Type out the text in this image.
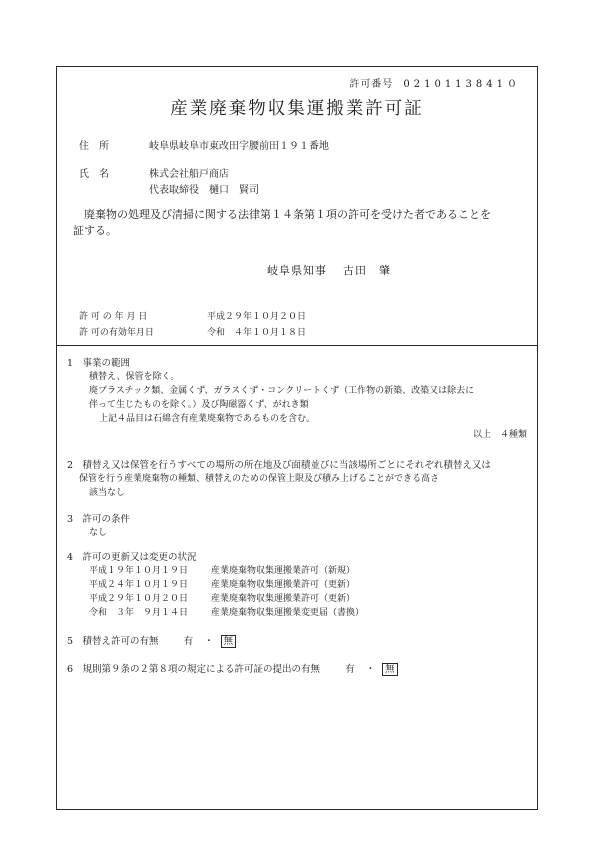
許可番号 0210113841０
産業廃棄物収集運搬業許可証
住　所	岐阜県岐阜市東改田字腰前田１９１番地
氏　名	株式会社船戸商店
代表取締役　樋口　賢司
廃棄物の処理及び清掃に関する法律第１４条第１項の許可を受けた者であることを
証する。
岐阜県知事 古田　肇
許 可 の 年 月 日	平成２９年１０月２０日
許 可の有効年月日	令和　４年１０月１８日
1　事業の範囲
積替え、保管を除く。
廃プラスチック類、金属くず、ガラスくず・コンクリートくず（工作物の新築、改築又は除去に
伴って生じたものを除く。）及び陶磁器くず、がれき類
上記４品目は石綿含有産業廃棄物であるものを含む。
以上　４種類
2　積替え又は保管を行うすべての場所の所在地及び面積並びに当該場所ごとにそれぞれ積替え又は
保管を行う産業廃棄物の種類、積替えのための保管上限及び積み上げることができる高さ
該当なし
3　許可の条件
なし
4　許可の更新又は変更の状況
平成１９年１０月１９日	産業廃棄物収集運搬業許可（新規）
平成２４年１０月１９日	産業廃棄物収集運搬業許可（更新）
平成２９年１０月２０日	産業廃棄物収集運搬業許可（更新）
令和　３年　９月１４日	産業廃棄物収集運搬業変更届（書換）
5　積替え許可の有無	有 ・ 無
6　規則第９条の２第８項の規定による許可証の提出の有無	有 ・ 無
